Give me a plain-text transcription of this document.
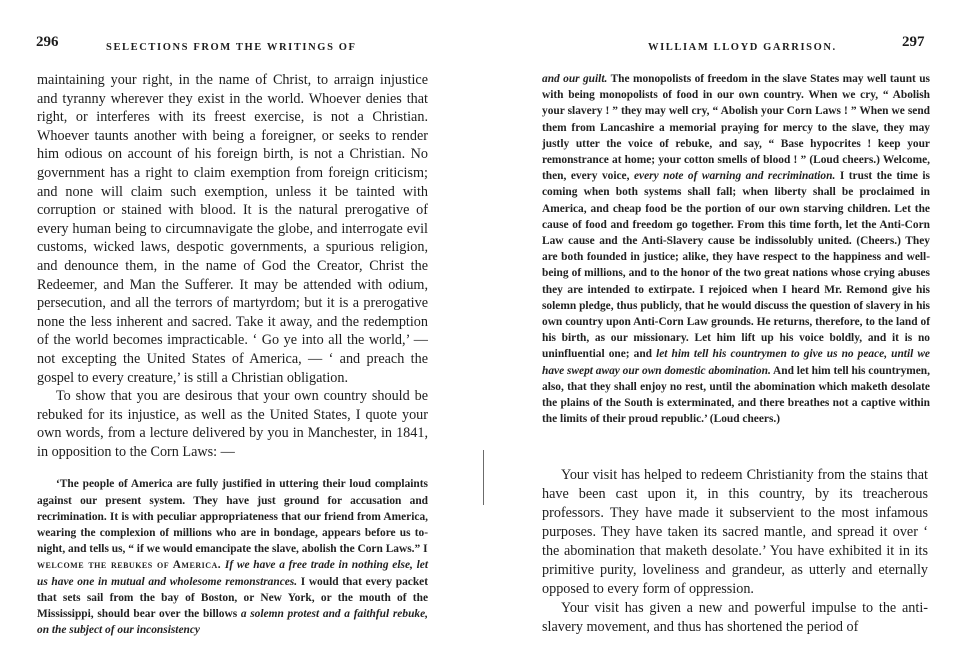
296	SELECTIONS FROM THE WRITINGS OF

maintaining your right, in the name of Christ, to arraign injustice and tyranny wherever they exist in the world. Whoever denies that right, or interferes with its freest exercise, is not a Christian. Whoever taunts another with being a foreigner, or seeks to render him odious on account of his foreign birth, is not a Christian. No government has a right to claim exemption from foreign criticism; and none will claim such exemption, unless it be tainted with corruption or stained with blood. It is the natural prerogative of every human being to circumnavigate the globe, and interrogate evil customs, wicked laws, despotic governments, a spurious religion, and denounce them, in the name of God the Creator, Christ the Redeemer, and Man the Sufferer. It may be attended with odium, persecution, and all the terrors of martyrdom; but it is a prerogative none the less inherent and sacred. Take it away, and the redemption of the world becomes impracticable. ‘ Go ye into all the world,’ — not excepting the United States of America, — ‘ and preach the gospel to every creature,’ is still a Christian obligation.

To show that you are desirous that your own country should be rebuked for its injustice, as well as the United States, I quote your own words, from a lecture delivered by you in Manchester, in 1841, in opposition to the Corn Laws: —

‘The people of America are fully justified in uttering their loud complaints against our present system. They have just ground for accusation and recrimination. It is with peculiar appropriateness that our friend from America, wearing the complexion of millions who are in bondage, appears before us to-night, and tells us, “ if we would emancipate the slave, abolish the Corn Laws.” I welcome the rebukes of America. If we have a free trade in nothing else, let us have one in mutual and wholesome remonstrances. I would that every packet that sets sail from the bay of Boston, or New York, or the mouth of the Mississippi, should bear over the billows a solemn protest and a faithful rebuke, on the subject of our inconsistency

WILLIAM LLOYD GARRISON.	297

and our guilt. The monopolists of freedom in the slave States may well taunt us with being monopolists of food in our own country. When we cry, “ Abolish your slavery ! ” they may well cry, “ Abolish your Corn Laws ! ” When we send them from Lancashire a memorial praying for mercy to the slave, they may justly utter the voice of rebuke, and say, “ Base hypocrites ! keep your remonstrance at home; your cotton smells of blood ! ” (Loud cheers.) Welcome, then, every voice, every note of warning and recrimination. I trust the time is coming when both systems shall fall; when liberty shall be proclaimed in America, and cheap food be the portion of our own starving children. Let the cause of food and freedom go together. From this time forth, let the Anti-Corn Law cause and the Anti-Slavery cause be indissolubly united. (Cheers.) They are both founded in justice; alike, they have respect to the happiness and well-being of millions, and to the honor of the two great nations whose crying abuses they are intended to extirpate. I rejoiced when I heard Mr. Remond give his solemn pledge, thus publicly, that he would discuss the question of slavery in his own country upon Anti-Corn Law grounds. He returns, therefore, to the land of his birth, as our missionary. Let him lift up his voice boldly, and it is no uninfluential one; and let him tell his countrymen to give us no peace, until we have swept away our own domestic abomination. And let him tell his countrymen, also, that they shall enjoy no rest, until the abomination which maketh desolate the plains of the South is exterminated, and there breathes not a captive within the limits of their proud republic.’ (Loud cheers.)

Your visit has helped to redeem Christianity from the stains that have been cast upon it, in this country, by its treacherous professors. They have made it subservient to the most infamous purposes. They have taken its sacred mantle, and spread it over ‘ the abomination that maketh desolate.’ You have exhibited it in its primitive purity, loveliness and grandeur, as utterly and eternally opposed to every form of oppression.

Your visit has given a new and powerful impulse to the anti-slavery movement, and thus has shortened the period of
